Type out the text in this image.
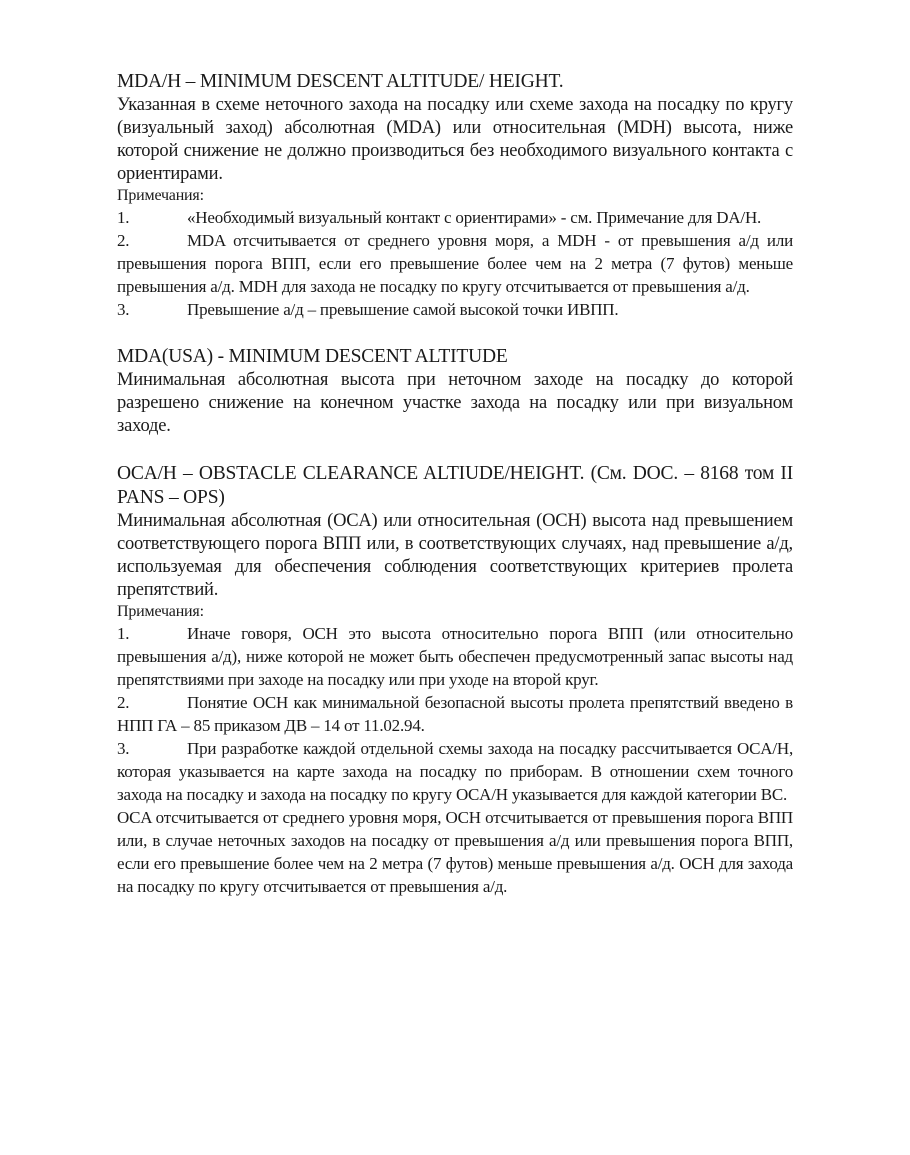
MDA/H – MINIMUM DESCENT ALTITUDE/ HEIGHT.

Указанная в схеме неточного захода на посадку или схеме захода на посадку по кругу (визуальный заход) абсолютная (MDA) или относительная (MDH) высота, ниже которой снижение не должно производиться без необходимого визуального контакта с ориентирами.

Примечания:

1.	«Необходимый визуальный контакт с ориентирами» - см. Примечание для DA/H.

2.	MDA отсчитывается от среднего уровня моря, а MDH - от превышения а/д или превышения порога ВПП, если его превышение более чем на 2 метра (7 футов) меньше превышения а/д. MDH для захода не посадку по кругу отсчитывается от превышения а/д.

3.	Превышение а/д – превышение самой высокой точки ИВПП.

MDA(USA) - MINIMUM DESCENT ALTITUDE

Минимальная абсолютная высота при неточном заходе на посадку до которой разрешено снижение на конечном участке захода на посадку или при визуальном заходе.

OCA/H – OBSTACLE CLEARANCE ALTIUDE/HEIGHT. (См. DOC. – 8168 том II PANS – OPS)

Минимальная абсолютная (OCA) или относительная (OCH) высота над превышением соответствующего порога ВПП или, в соответствующих случаях, над превышение а/д, используемая для обеспечения соблюдения соответствующих критериев пролета препятствий.

Примечания:

1.	Иначе говоря, OCH это высота относительно порога ВПП (или относительно превышения а/д), ниже которой не может быть обеспечен предусмотренный запас высоты над препятствиями при заходе на посадку или при уходе на второй круг.

2.	Понятие OCH как минимальной безопасной высоты пролета препятствий введено в НПП ГА – 85 приказом ДВ – 14 от 11.02.94.

3.	При разработке каждой отдельной схемы захода на посадку рассчитывается OCA/H, которая указывается на карте захода на посадку по приборам. В отношении схем точного захода на посадку и захода на посадку по кругу OCA/H указывается для каждой категории ВС.

OCA отсчитывается от среднего уровня моря, OCH отсчитывается от превышения порога ВПП или, в случае неточных заходов на посадку от превышения а/д или превышения порога ВПП, если его превышение более чем на 2 метра (7 футов) меньше превышения а/д. OCH для захода на посадку по кругу отсчитывается от превышения а/д.
